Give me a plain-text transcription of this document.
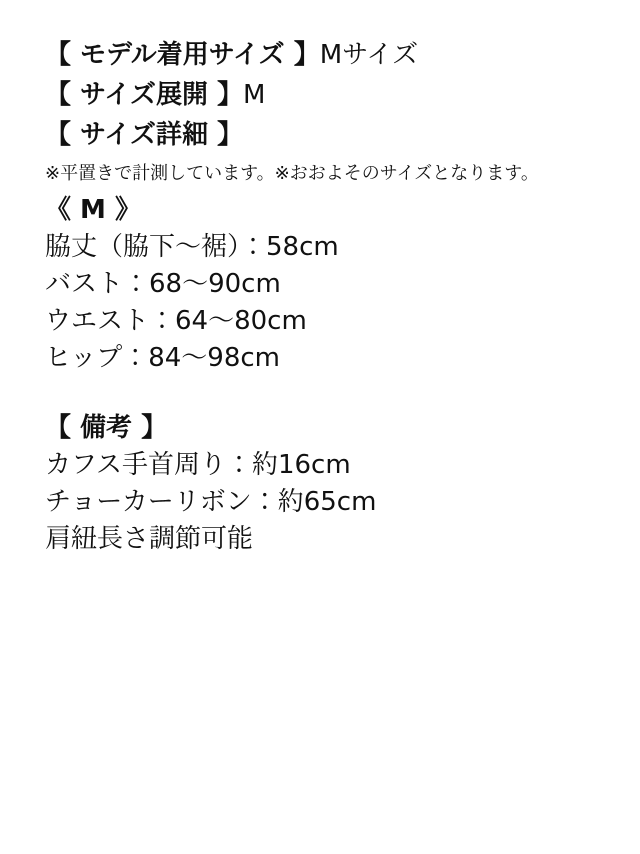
【 モデル着用サイズ 】Mサイズ
【 サイズ展開 】M
【 サイズ詳細 】
※平置きで計測しています。※おおよそのサイズとなります。
《 M 》
脇丈（脇下〜裾）：58cm
バスト：68〜90cm
ウエスト：64〜80cm
ヒップ：84〜98cm
【 備考 】
カフス手首周り：約16cm
チョーカーリボン：約65cm
肩紐長さ調節可能
